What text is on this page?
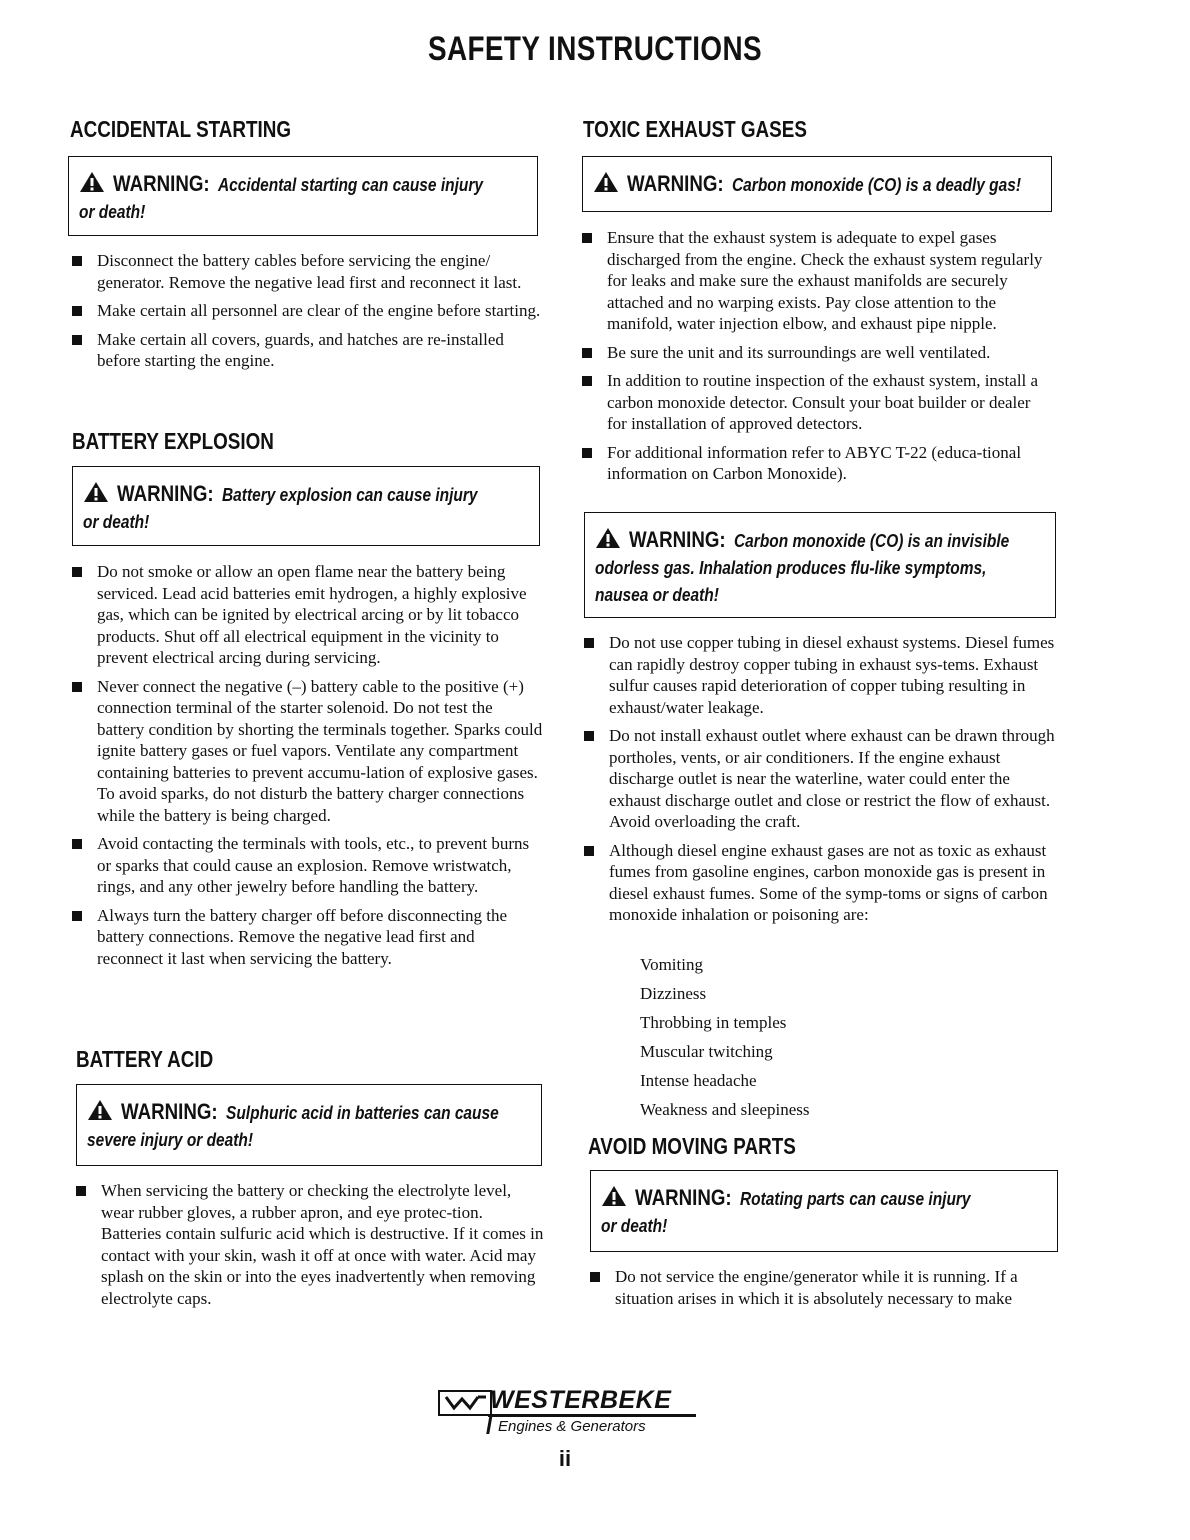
SAFETY INSTRUCTIONS
ACCIDENTAL STARTING
WARNING: Accidental starting can cause injury
or death!
Disconnect the battery cables before servicing the engine/ generator. Remove the negative lead first and reconnect it last.
Make certain all personnel are clear of the engine before starting.
Make certain all covers, guards, and hatches are re-installed before starting the engine.
BATTERY EXPLOSION
WARNING: Battery explosion can cause injury
or death!
Do not smoke or allow an open flame near the battery being serviced. Lead acid batteries emit hydrogen, a highly explosive gas, which can be ignited by electrical arcing or by lit tobacco products. Shut off all electrical equipment in the vicinity to prevent electrical arcing during servicing.
Never connect the negative (–) battery cable to the positive (+) connection terminal of the starter solenoid. Do not test the battery condition by shorting the terminals together. Sparks could ignite battery gases or fuel vapors. Ventilate any compartment containing batteries to prevent accumu-lation of explosive gases. To avoid sparks, do not disturb the battery charger connections while the battery is being charged.
Avoid contacting the terminals with tools, etc., to prevent burns or sparks that could cause an explosion. Remove wristwatch, rings, and any other jewelry before handling the battery.
Always turn the battery charger off before disconnecting the battery connections. Remove the negative lead first and reconnect it last when servicing the battery.
BATTERY ACID
WARNING: Sulphuric acid in batteries can cause
severe injury or death!
When servicing the battery or checking the electrolyte level, wear rubber gloves, a rubber apron, and eye protec-tion. Batteries contain sulfuric acid which is destructive. If it comes in contact with your skin, wash it off at once with water. Acid may splash on the skin or into the eyes inadvertently when removing electrolyte caps.
TOXIC EXHAUST GASES
WARNING: Carbon monoxide (CO) is a deadly gas!
Ensure that the exhaust system is adequate to expel gases discharged from the engine. Check the exhaust system regularly for leaks and make sure the exhaust manifolds are securely attached and no warping exists. Pay close attention to the manifold, water injection elbow, and exhaust pipe nipple.
Be sure the unit and its surroundings are well ventilated.
In addition to routine inspection of the exhaust system, install a carbon monoxide detector. Consult your boat builder or dealer for installation of approved detectors.
For additional information refer to ABYC T-22 (educa-tional information on Carbon Monoxide).
WARNING: Carbon monoxide (CO) is an invisible
odorless gas. Inhalation produces flu-like symptoms,
nausea or death!
Do not use copper tubing in diesel exhaust systems. Diesel fumes can rapidly destroy copper tubing in exhaust sys-tems. Exhaust sulfur causes rapid deterioration of copper tubing resulting in exhaust/water leakage.
Do not install exhaust outlet where exhaust can be drawn through portholes, vents, or air conditioners. If the engine exhaust discharge outlet is near the waterline, water could enter the exhaust discharge outlet and close or restrict the flow of exhaust. Avoid overloading the craft.
Although diesel engine exhaust gases are not as toxic as exhaust fumes from gasoline engines, carbon monoxide gas is present in diesel exhaust fumes. Some of the symp-toms or signs of carbon monoxide inhalation or poisoning are:
Vomiting
Dizziness
Throbbing in temples
Muscular twitching
Intense headache
Weakness and sleepiness
AVOID MOVING PARTS
WARNING: Rotating parts can cause injury
or death!
Do not service the engine/generator while it is running. If a situation arises in which it is absolutely necessary to make
WESTERBEKE
Engines & Generators
ii
